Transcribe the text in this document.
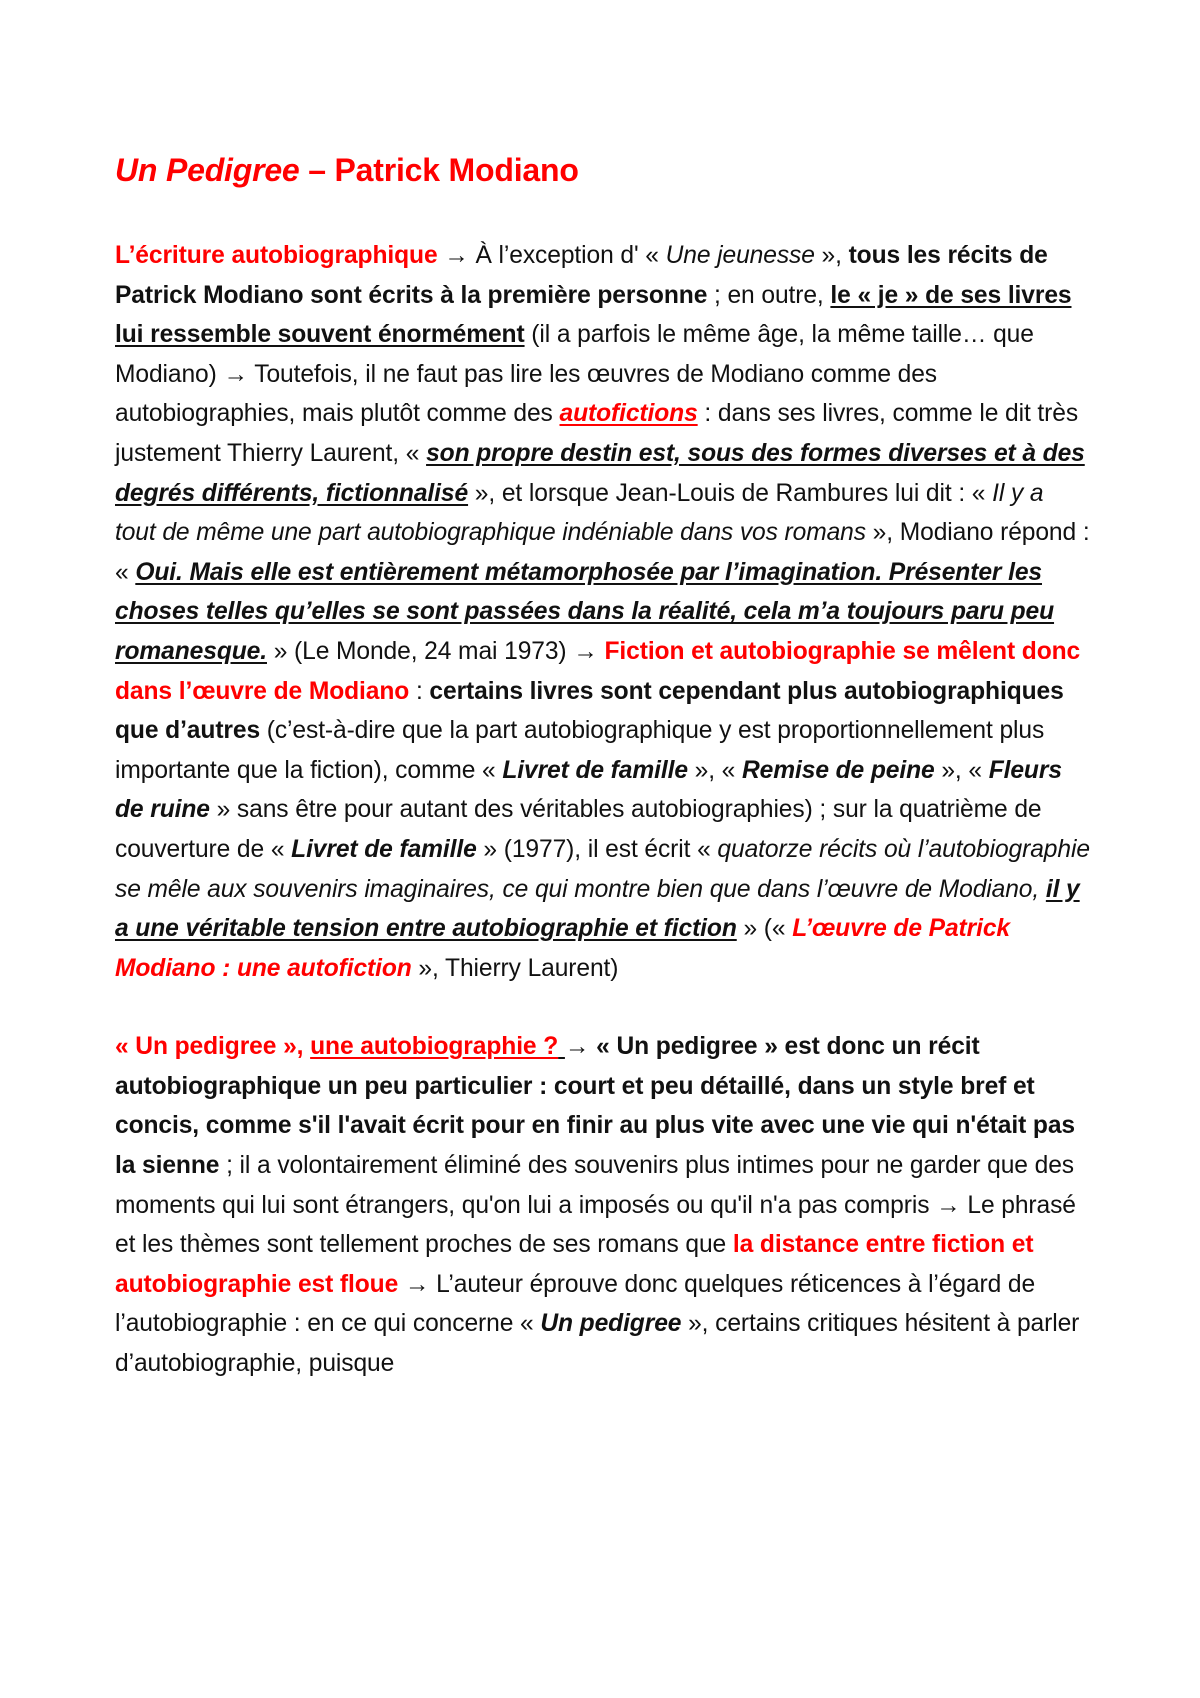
Un Pedigree – Patrick Modiano

L’écriture autobiographique → À l’exception d' « Une jeunesse », tous les récits de Patrick Modiano sont écrits à la première personne ; en outre, le « je » de ses livres lui ressemble souvent énormément (il a parfois le même âge, la même taille… que Modiano) → Toutefois, il ne faut pas lire les œuvres de Modiano comme des autobiographies, mais plutôt comme des autofictions : dans ses livres, comme le dit très justement Thierry Laurent, « son propre destin est, sous des formes diverses et à des degrés différents, fictionnalisé », et lorsque Jean-Louis de Rambures lui dit : « Il y a tout de même une part autobiographique indéniable dans vos romans », Modiano répond : « Oui. Mais elle est entièrement métamorphosée par l’imagination. Présenter les choses telles qu’elles se sont passées dans la réalité, cela m’a toujours paru peu romanesque. » (Le Monde, 24 mai 1973) → Fiction et autobiographie se mêlent donc dans l’œuvre de Modiano : certains livres sont cependant plus autobiographiques que d’autres (c’est-à-dire que la part autobiographique y est proportionnellement plus importante que la fiction), comme « Livret de famille », « Remise de peine », « Fleurs de ruine » sans être pour autant des véritables autobiographies) ; sur la quatrième de couverture de « Livret de famille » (1977), il est écrit « quatorze récits où l’autobiographie se mêle aux souvenirs imaginaires, ce qui montre bien que dans l’œuvre de Modiano, il y a une véritable tension entre autobiographie et fiction » (« L’œuvre de Patrick Modiano : une autofiction », Thierry Laurent)

« Un pedigree », une autobiographie ? → « Un pedigree » est donc un récit autobiographique un peu particulier : court et peu détaillé, dans un style bref et concis, comme s'il l'avait écrit pour en finir au plus vite avec une vie qui n'était pas la sienne ; il a volontairement éliminé des souvenirs plus intimes pour ne garder que des moments qui lui sont étrangers, qu'on lui a imposés ou qu'il n'a pas compris → Le phrasé et les thèmes sont tellement proches de ses romans que la distance entre fiction et autobiographie est floue → L’auteur éprouve donc quelques réticences à l’égard de l’autobiographie : en ce qui concerne « Un pedigree », certains critiques hésitent à parler d’autobiographie, puisque
